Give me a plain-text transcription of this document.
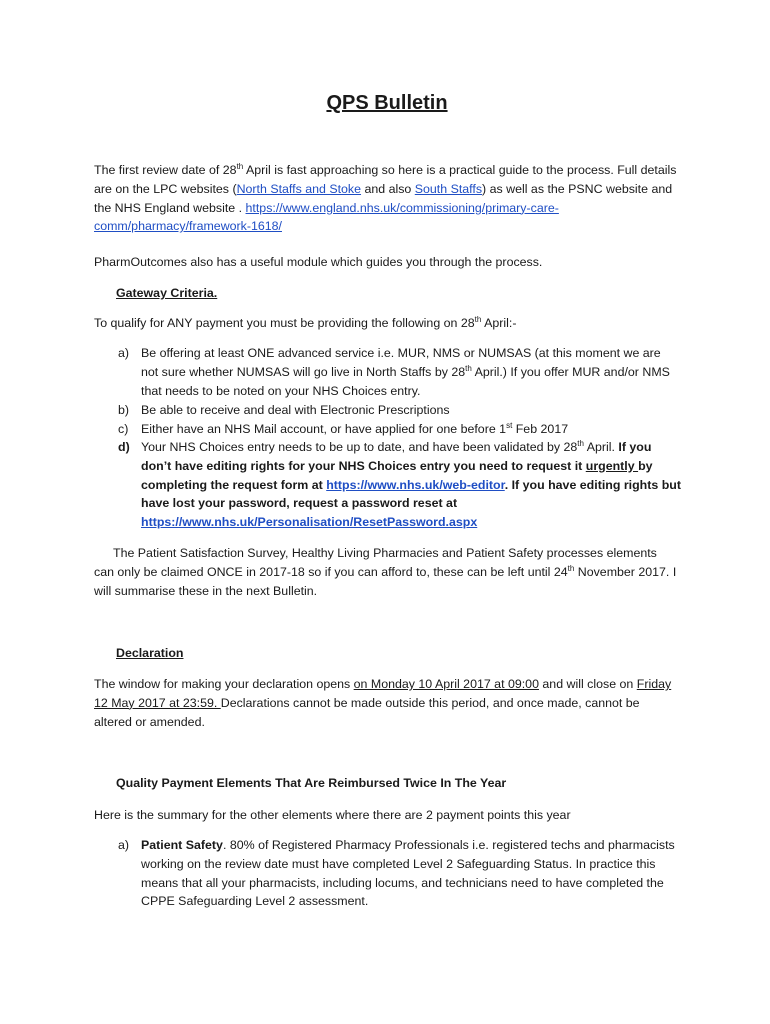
QPS Bulletin

The first review date of 28th April is fast approaching so here is a practical guide to the process. Full details are on the LPC websites (North Staffs and Stoke and also South Staffs) as well as the PSNC website and the NHS England website . https://www.england.nhs.uk/commissioning/primary-care-comm/pharmacy/framework-1618/

PharmOutcomes also has a useful module which guides you through the process.

Gateway Criteria.

To qualify for ANY payment you must be providing the following on 28th April:-

a) Be offering at least ONE advanced service i.e. MUR, NMS or NUMSAS (at this moment we are not sure whether NUMSAS will go live in North Staffs by 28th April.) If you offer MUR and/or NMS that needs to be noted on your NHS Choices entry.
b) Be able to receive and deal with Electronic Prescriptions
c) Either have an NHS Mail account, or have applied for one before 1st Feb 2017
d) Your NHS Choices entry needs to be up to date, and have been validated by 28th April. If you don’t have editing rights for your NHS Choices entry you need to request it urgently by completing the request form at https://www.nhs.uk/web-editor. If you have editing rights but have lost your password, request a password reset at https://www.nhs.uk/Personalisation/ResetPassword.aspx

The Patient Satisfaction Survey, Healthy Living Pharmacies and Patient Safety processes elements can only be claimed ONCE in 2017-18 so if you can afford to, these can be left until 24th November 2017. I will summarise these in the next Bulletin.

Declaration

The window for making your declaration opens on Monday 10 April 2017 at 09:00 and will close on Friday 12 May 2017 at 23:59. Declarations cannot be made outside this period, and once made, cannot be altered or amended.

Quality Payment Elements That Are Reimbursed Twice In The Year

Here is the summary for the other elements where there are 2 payment points this year

a) Patient Safety. 80% of Registered Pharmacy Professionals i.e. registered techs and pharmacists working on the review date must have completed Level 2 Safeguarding Status. In practice this means that all your pharmacists, including locums, and technicians need to have completed the CPPE Safeguarding Level 2 assessment.
